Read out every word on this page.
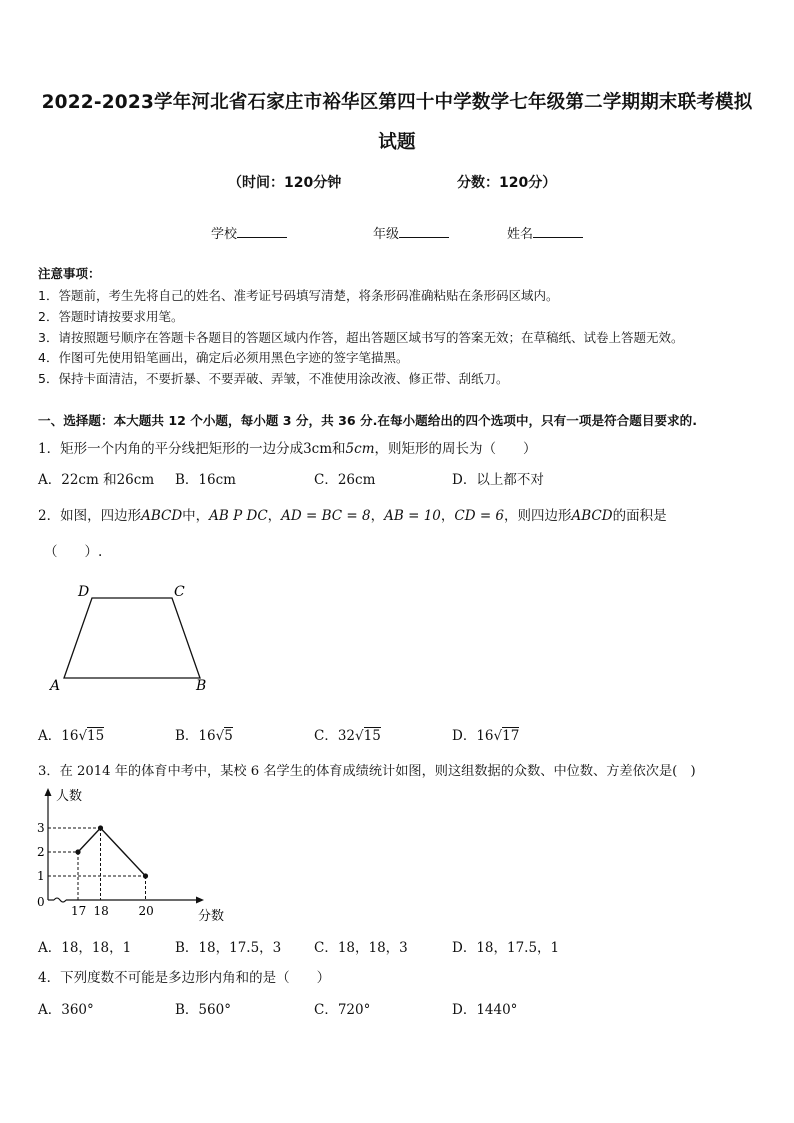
2022-2023学年河北省石家庄市裕华区第四十中学数学七年级第二学期期末联考模拟
试题
（时间：120分钟	分数：120分）
学校	年级	姓名
注意事项：
1．答题前，考生先将自己的姓名、准考证号码填写清楚，将条形码准确粘贴在条形码区域内。
2．答题时请按要求用笔。
3．请按照题号顺序在答题卡各题目的答题区域内作答，超出答题区域书写的答案无效；在草稿纸、试卷上答题无效。
4．作图可先使用铅笔画出，确定后必须用黑色字迹的签字笔描黑。
5．保持卡面清洁，不要折暴、不要弄破、弄皱，不准使用涂改液、修正带、刮纸刀。
一、选择题：本大题共 12 个小题，每小题 3 分，共 36 分.在每小题给出的四个选项中，只有一项是符合题目要求的.
1．矩形一个内角的平分线把矩形的一边分成3cm和5cm，则矩形的周长为（　　）
A．22cm 和26cm B．16cm	C．26cm	D．以上都不对
2．如图，四边形ABCD中，AB P DC，AD = BC = 8，AB = 10，CD = 6，则四边形ABCD的面积是
（　　）.
D	C
A	B
A．16√15	B．16√5	C．32√15	D．16√17
3．在 2014 年的体育中考中，某校 6 名学生的体育成绩统计如图，则这组数据的众数、中位数、方差依次是(　)
人数
分数
0
17 18 20
1
2
3
A．18，18，1	B．18，17.5，3 C．18，18，3	D．18，17.5，1
4．下列度数不可能是多边形内角和的是（　　）
A．360°	B．560°	C．720°	D．1440°
